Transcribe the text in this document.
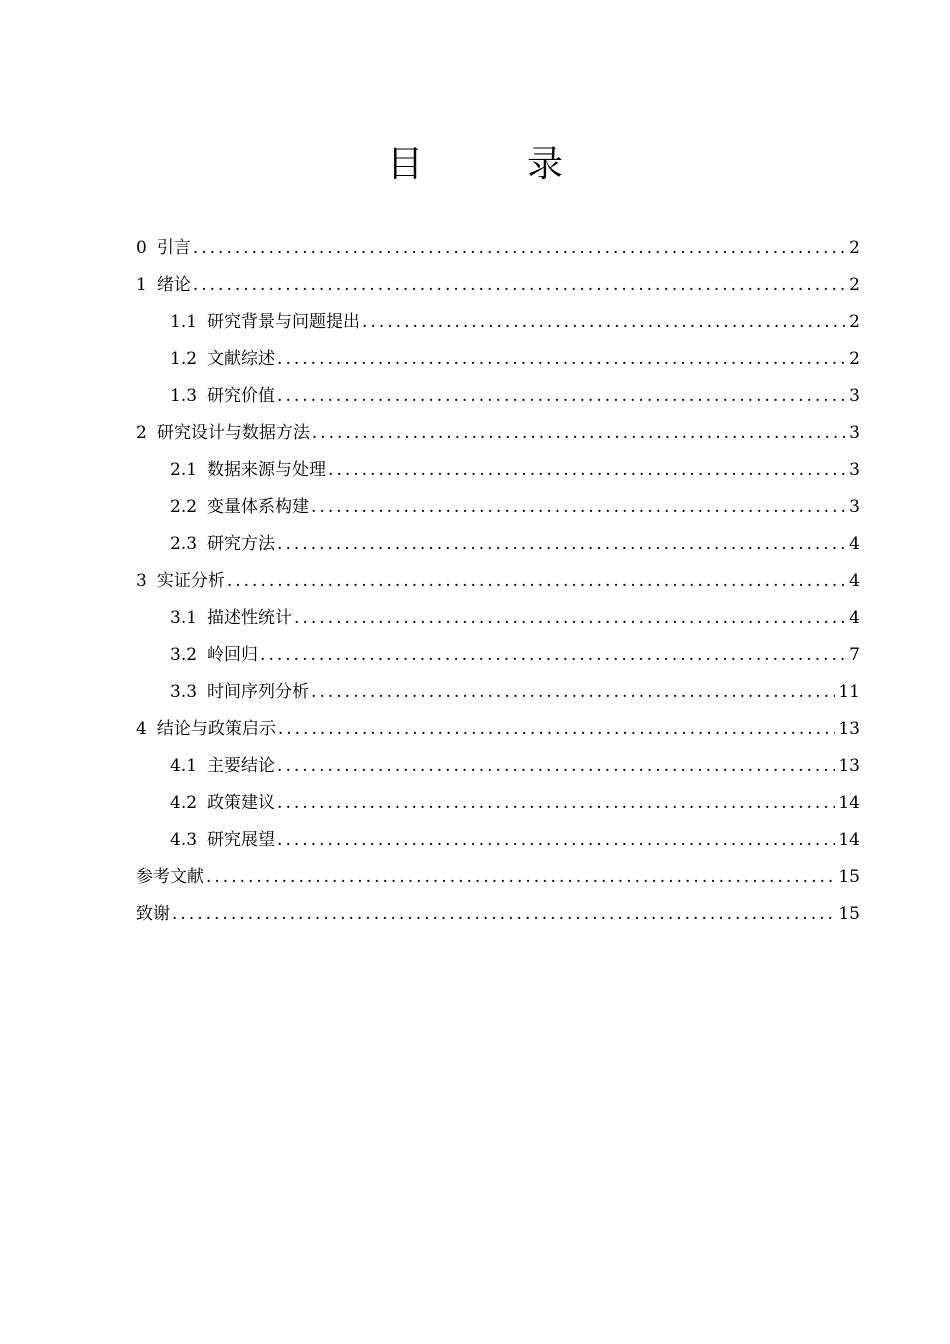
目　录
0 引言 .....	2
1 绪论 .....	2
1.1 研究背景与问题提出 .....	2
1.2 文献综述 .....	2
1.3 研究价值 .....	3
2 研究设计与数据方法 .....	3
2.1 数据来源与处理 .....	3
2.2 变量体系构建 .....	3
2.3 研究方法 .....	4
3 实证分析 .....	4
3.1 描述性统计 .....	4
3.2 岭回归 .....	7
3.3 时间序列分析 .....	11
4 结论与政策启示 .....	13
4.1 主要结论 .....	13
4.2 政策建议 .....	14
4.3 研究展望 .....	14
参考文献 .....	15
致谢 .....	15
